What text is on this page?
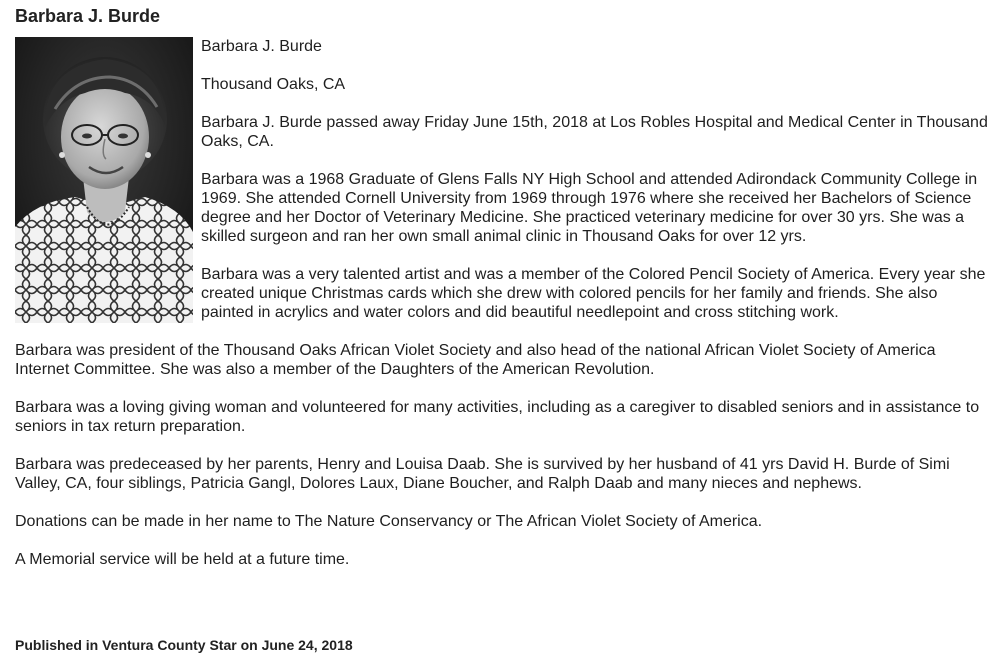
Barbara J. Burde

Barbara J. Burde

Thousand Oaks, CA

Barbara J. Burde passed away Friday June 15th, 2018 at Los Robles Hospital and Medical Center in Thousand Oaks, CA.

Barbara was a 1968 Graduate of Glens Falls NY High School and attended Adirondack Community College in 1969. She attended Cornell University from 1969 through 1976 where she received her Bachelors of Science degree and her Doctor of Veterinary Medicine. She practiced veterinary medicine for over 30 yrs. She was a skilled surgeon and ran her own small animal clinic in Thousand Oaks for over 12 yrs.

Barbara was a very talented artist and was a member of the Colored Pencil Society of America. Every year she created unique Christmas cards which she drew with colored pencils for her family and friends. She also painted in acrylics and water colors and did beautiful needlepoint and cross stitching work.

Barbara was president of the Thousand Oaks African Violet Society and also head of the national African Violet Society of America Internet Committee. She was also a member of the Daughters of the American Revolution.

Barbara was a loving giving woman and volunteered for many activities, including as a caregiver to disabled seniors and in assistance to seniors in tax return preparation.

Barbara was predeceased by her parents, Henry and Louisa Daab. She is survived by her husband of 41 yrs David H. Burde of Simi Valley, CA, four siblings, Patricia Gangl, Dolores Laux, Diane Boucher, and Ralph Daab and many nieces and nephews.

Donations can be made in her name to The Nature Conservancy or The African Violet Society of America.

A Memorial service will be held at a future time.

Published in Ventura County Star on June 24, 2018
